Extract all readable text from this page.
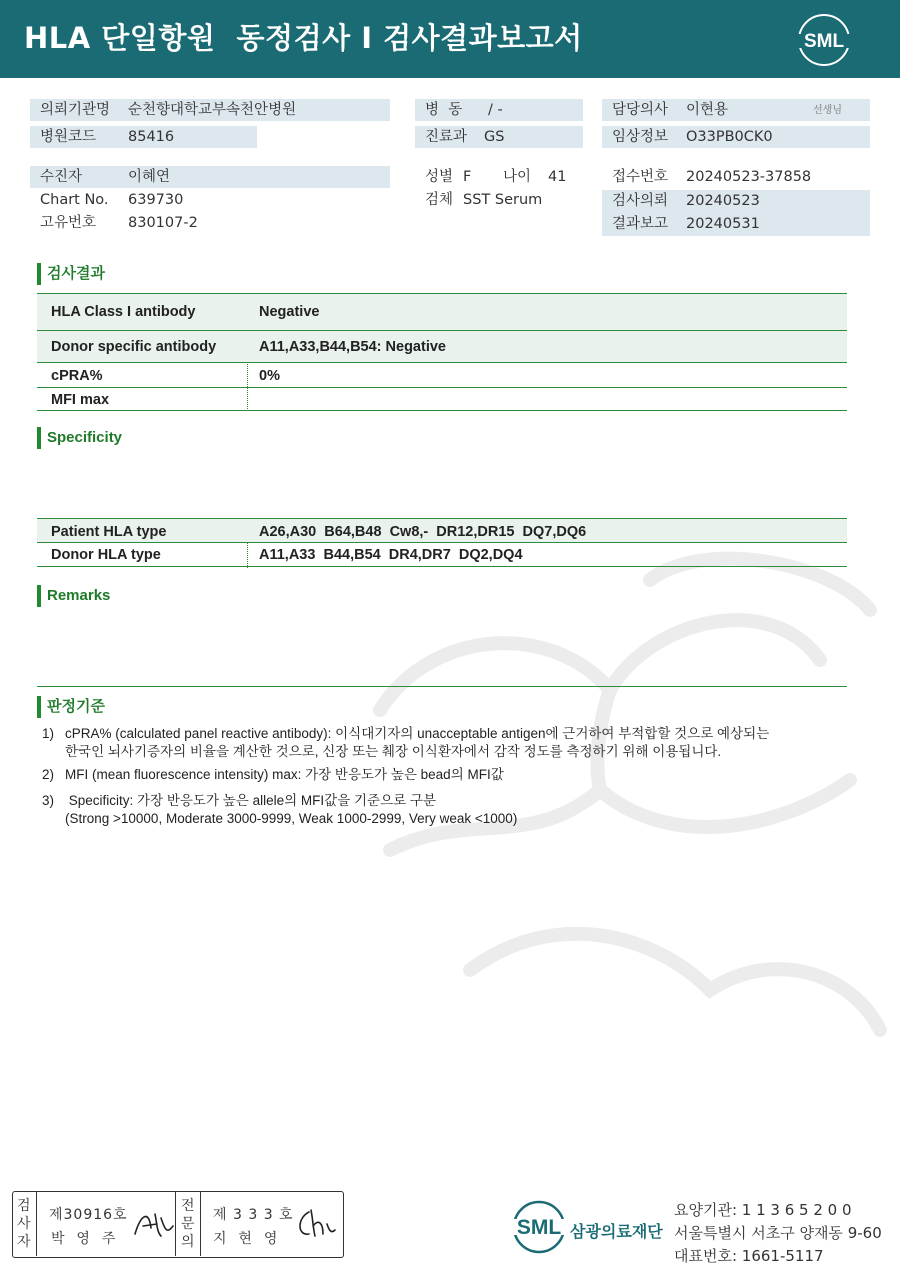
HLA 단일항원  동정검사 I 검사결과보고서	SML
의뢰기관명 순천향대학교부속천안병원	병  동 / -	담당의사 이현용	선생님
병원코드 85416	진료과 GS	임상정보 O33PB0CK0
수진자	이혜연
Chart No. 639730
고유번호 830107-2
성별 F 나이 41
검체 SST Serum
접수번호 20240523-37858
검사의뢰 20240523
결과보고 20240531
검사결과
HLA Class I antibody	Negative
Donor specific antibody	A11,A33,B44,B54: Negative
cPRA%	0%
MFI max
Specificity
Patient HLA type	A26,A30  B64,B48  Cw8,-  DR12,DR15  DQ7,DQ6
Donor HLA type	A11,A33  B44,B54  DR4,DR7  DQ2,DQ4
Remarks
판정기준
1) cPRA% (calculated panel reactive antibody): 이식대기자의 unacceptable antigen에 근거하여 부적합할 것으로 예상되는
한국인 뇌사기증자의 비율을 계산한 것으로, 신장 또는 췌장 이식환자에서 감작 정도를 측정하기 위해 이용됩니다.
2) MFI (mean fluorescence intensity) max: 가장 반응도가 높은 bead의 MFI값
3) Specificity: 가장 반응도가 높은 allele의 MFI값을 기준으로 구분
(Strong >10000, Moderate 3000-9999, Weak 1000-2999, Very weak <1000)
검
사
자
제30916호
박  영  주
전
문
의
제 3 3 3 호
지  현  영	SML 삼광의료재단
요양기관: 1 1 3 6 5 2 0 0
서울특별시 서초구 양재동 9-60
대표번호: 1661-5117
